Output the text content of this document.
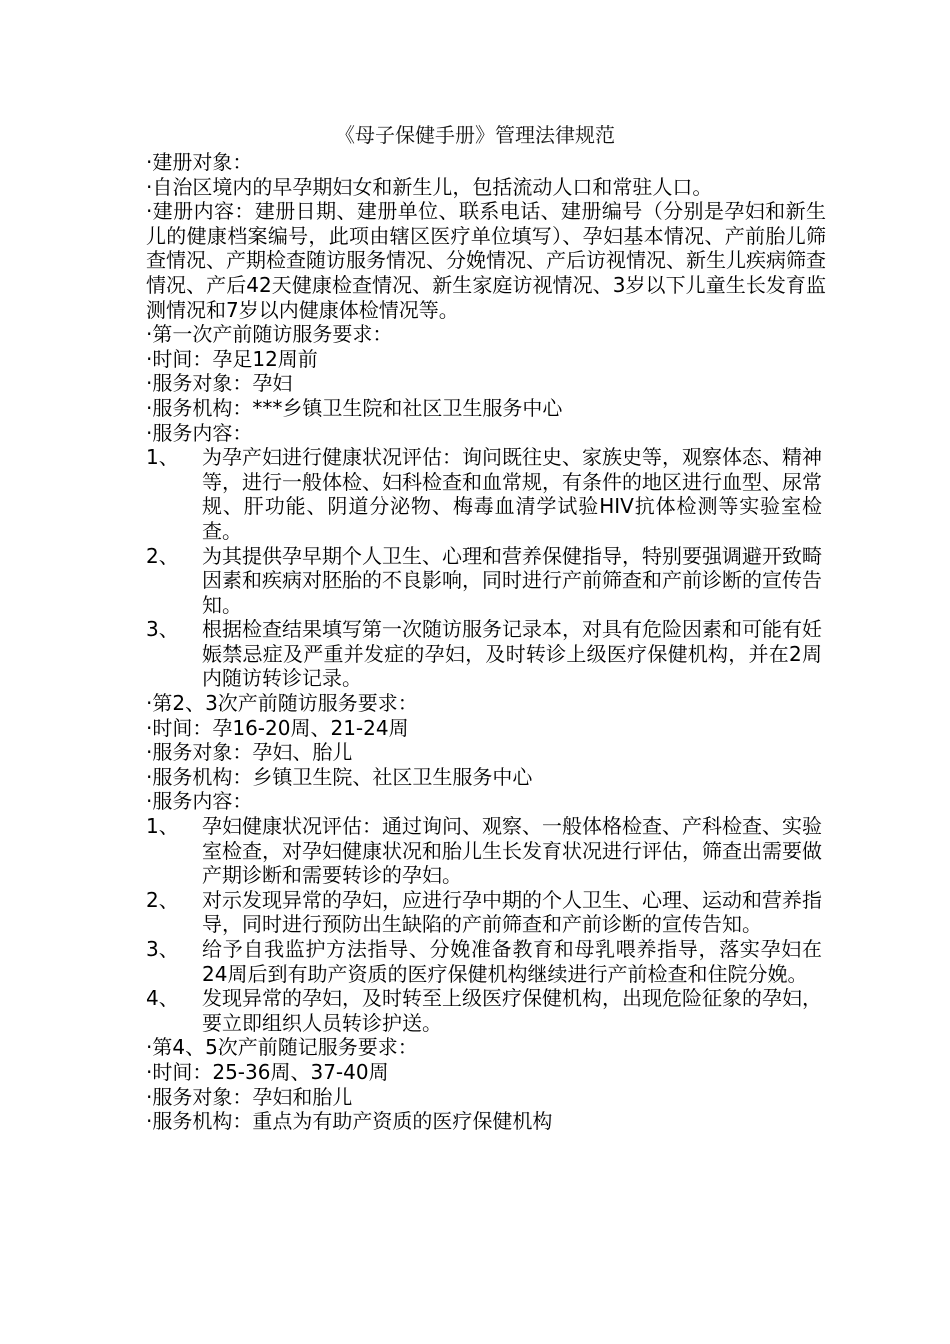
《母子保健手册》管理法律规范
·建册对象：
·自治区境内的早孕期妇女和新生儿，包括流动人口和常驻人口。
·建册内容：建册日期、建册单位、联系电话、建册编号（分别是孕妇和新生儿的健康档案编号，此项由辖区医疗单位填写）、孕妇基本情况、产前胎儿筛查情况、产期检查随访服务情况、分娩情况、产后访视情况、新生儿疾病筛查情况、产后42天健康检查情况、新生家庭访视情况、3岁以下儿童生长发育监测情况和7岁以内健康体检情况等。
·第一次产前随访服务要求：
·时间：孕足12周前
·服务对象：孕妇
·服务机构：***乡镇卫生院和社区卫生服务中心
·服务内容：
1、	为孕产妇进行健康状况评估：询问既往史、家族史等，观察体态、精神等，进行一般体检、妇科检查和血常规，有条件的地区进行血型、尿常规、肝功能、阴道分泌物、梅毒血清学试验HIV抗体检测等实验室检查。
2、	为其提供孕早期个人卫生、心理和营养保健指导，特别要强调避开致畸因素和疾病对胚胎的不良影响，同时进行产前筛查和产前诊断的宣传告知。
3、	根据检查结果填写第一次随访服务记录本，对具有危险因素和可能有妊娠禁忌症及严重并发症的孕妇，及时转诊上级医疗保健机构，并在2周内随访转诊记录。
·第2、3次产前随访服务要求：
·时间：孕16-20周、21-24周
·服务对象：孕妇、胎儿
·服务机构：乡镇卫生院、社区卫生服务中心
·服务内容：
1、	孕妇健康状况评估：通过询问、观察、一般体格检查、产科检查、实验室检查，对孕妇健康状况和胎儿生长发育状况进行评估，筛查出需要做产期诊断和需要转诊的孕妇。
2、	对示发现异常的孕妇，应进行孕中期的个人卫生、心理、运动和营养指导，同时进行预防出生缺陷的产前筛查和产前诊断的宣传告知。
3、	给予自我监护方法指导、分娩准备教育和母乳喂养指导，落实孕妇在24周后到有助产资质的医疗保健机构继续进行产前检查和住院分娩。
4、	发现异常的孕妇，及时转至上级医疗保健机构，出现危险征象的孕妇，要立即组织人员转诊护送。
·第4、5次产前随记服务要求：
·时间：25-36周、37-40周
·服务对象：孕妇和胎儿
·服务机构：重点为有助产资质的医疗保健机构
